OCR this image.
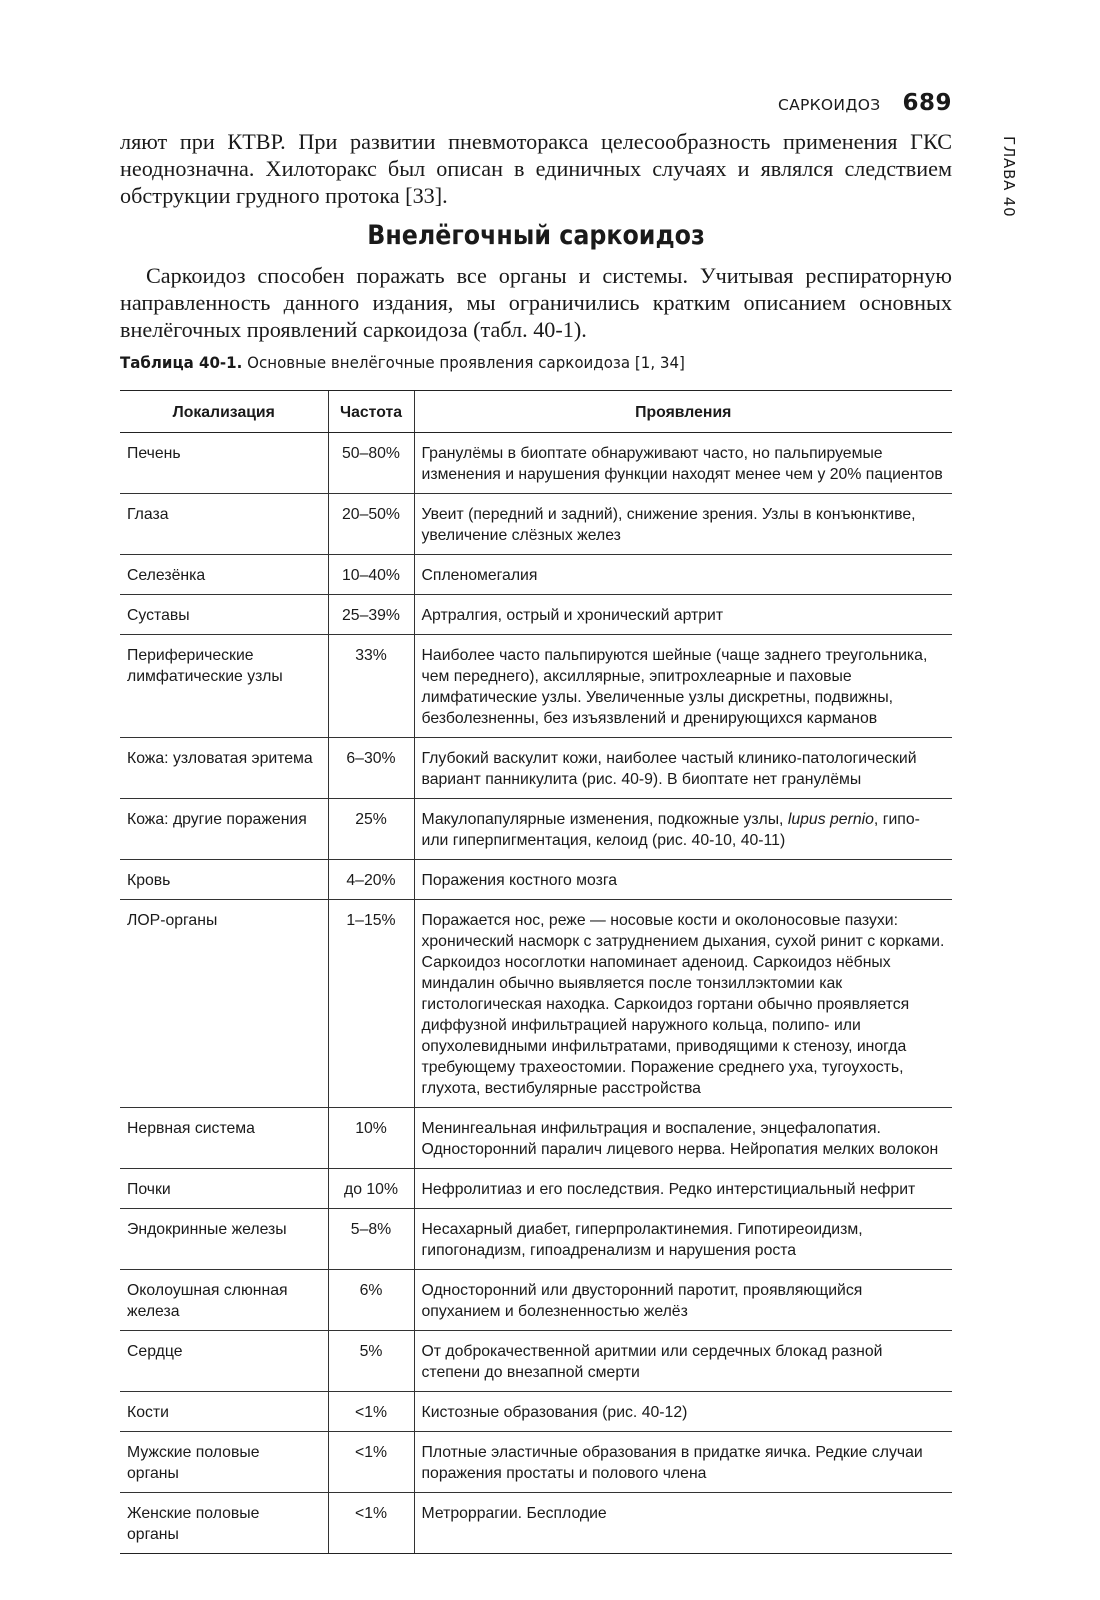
САРКОИДОЗ 689
ГЛАВА 40

ляют при КТВР. При развитии пневмоторакса целесообразность применения ГКС неоднозначна. Хилоторакс был описан в единичных случаях и являлся следствием обструкции грудного протока [33].

Внелёгочный саркоидоз

Саркоидоз способен поражать все органы и системы. Учитывая респираторную направленность данного издания, мы ограничились кратким описанием основных внелёгочных проявлений саркоидоза (табл. 40-1).

Таблица 40-1. Основные внелёгочные проявления саркоидоза [1, 34]

Локализация	Частота	Проявления
Печень	50–80%	Гранулёмы в биоптате обнаруживают часто, но пальпируемые изменения и нарушения функции находят менее чем у 20% пациентов
Глаза	20–50%	Увеит (передний и задний), снижение зрения. Узлы в конъюнктиве, увеличение слёзных желез
Селезёнка	10–40%	Спленомегалия
Суставы	25–39%	Артралгия, острый и хронический артрит
Периферические лимфатические узлы	33%	Наиболее часто пальпируются шейные (чаще заднего треугольника, чем переднего), аксиллярные, эпитрохлеарные и паховые лимфатические узлы. Увеличенные узлы дискретны, подвижны, безболезненны, без изъязвлений и дренирующихся карманов
Кожа: узловатая эритема	6–30%	Глубокий васкулит кожи, наиболее частый клинико-патологический вариант панникулита (рис. 40-9). В биоптате нет гранулёмы
Кожа: другие поражения	25%	Макулопапулярные изменения, подкожные узлы, lupus pernio, гипо- или гиперпигментация, келоид (рис. 40-10, 40-11)
Кровь	4–20%	Поражения костного мозга
ЛОР-органы	1–15%	Поражается нос, реже — носовые кости и околоносовые пазухи: хронический насморк с затруднением дыхания, сухой ринит с корками. Саркоидоз носоглотки напоминает аденоид. Саркоидоз нёбных миндалин обычно выявляется после тонзиллэктомии как гистологическая находка. Саркоидоз гортани обычно проявляется диффузной инфильтрацией наружного кольца, полипо- или опухолевидными инфильтратами, приводящими к стенозу, иногда требующему трахеостомии. Поражение среднего уха, тугоухость, глухота, вестибулярные расстройства
Нервная система	10%	Менингеальная инфильтрация и воспаление, энцефалопатия. Односторонний паралич лицевого нерва. Нейропатия мелких волокон
Почки	до 10%	Нефролитиаз и его последствия. Редко интерстициальный нефрит
Эндокринные железы	5–8%	Несахарный диабет, гиперпролактинемия. Гипотиреоидизм, гипогонадизм, гипоадренализм и нарушения роста
Околоушная слюнная железа	6%	Односторонний или двусторонний паротит, проявляющийся опуханием и болезненностью желёз
Сердце	5%	От доброкачественной аритмии или сердечных блокад разной степени до внезапной смерти
Кости	<1%	Кистозные образования (рис. 40-12)
Мужские половые органы	<1%	Плотные эластичные образования в придатке яичка. Редкие случаи поражения простаты и полового члена
Женские половые органы	<1%	Метроррагии. Бесплодие
